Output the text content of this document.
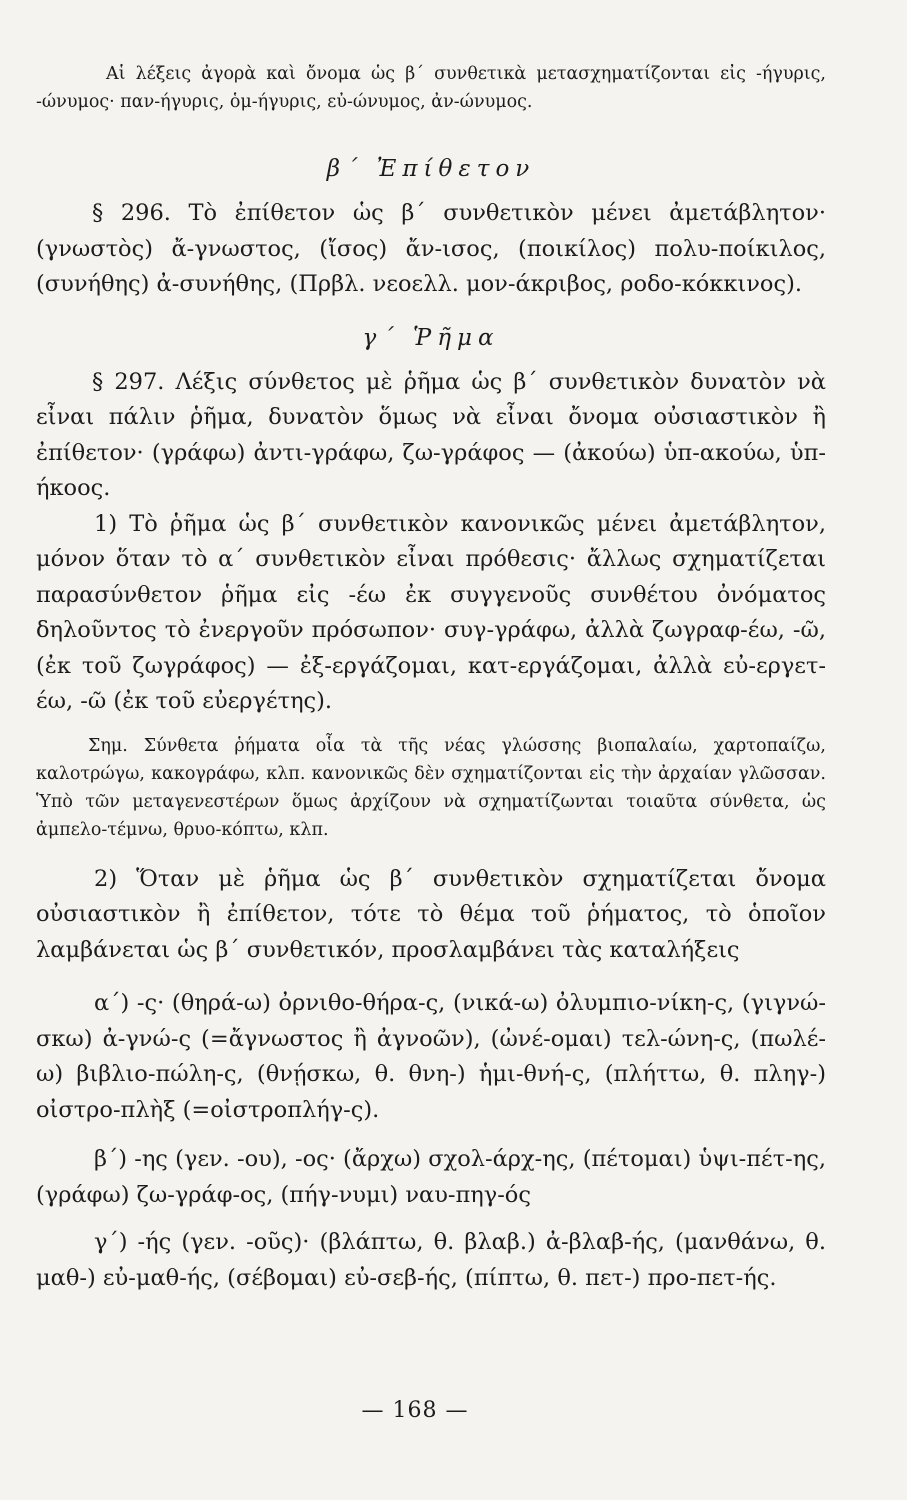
Αἱ λέξεις ἀγορὰ καὶ ὄνομα ὡς β΄ συνθετικὰ μετασχηματίζονται εἰς -ήγυρις, -ώνυμος· παν-ήγυρις, ὁμ-ήγυρις, εὐ-ώνυμος, ἀν-ώνυμος.

β΄ Ἐπίθετον

§ 296. Τὸ ἐπίθετον ὡς β΄ συνθετικὸν μένει ἀμετάβλητον· (γνωστὸς) ἄ-γνωστος, (ἴσος) ἄν-ισος, (ποικίλος) πολυ-ποίκιλος, (συνήθης) ἀ-συνήθης, (Πρβλ. νεοελλ. μον-άκριβος, ροδο-κόκκινος).

γ΄ Ῥῆμα

§ 297. Λέξις σύνθετος μὲ ῥῆμα ὡς β΄ συνθετικὸν δυνατὸν νὰ εἶναι πάλιν ῥῆμα, δυνατὸν ὅμως νὰ εἶναι ὄνομα οὐσιαστικὸν ἢ ἐπίθετον· (γράφω) ἀντι-γράφω, ζω-γράφος — (ἀκούω) ὑπ-ακούω, ὑπ-ήκοος.

1) Τὸ ῥῆμα ὡς β΄ συνθετικὸν κανονικῶς μένει ἀμετάβλητον, μόνον ὅταν τὸ α΄ συνθετικὸν εἶναι πρόθεσις· ἄλλως σχηματίζεται παρασύνθετον ῥῆμα εἰς -έω ἐκ συγγενοῦς συνθέτου ὀνόματος δηλοῦντος τὸ ἐνεργοῦν πρόσωπον· συγ-γράφω, ἀλλὰ ζωγραφ-έω, -ῶ, (ἐκ τοῦ ζωγράφος) — ἐξ-εργάζομαι, κατ-εργάζομαι, ἀλλὰ εὐ-εργετ-έω, -ῶ (ἐκ τοῦ εὐεργέτης).

Σημ. Σύνθετα ῥήματα οἷα τὰ τῆς νέας γλώσσης βιοπαλαίω, χαρτοπαίζω, καλοτρώγω, κακογράφω, κλπ. κανονικῶς δὲν σχηματίζονται εἰς τὴν ἀρχαίαν γλῶσσαν. Ὑπὸ τῶν μεταγενεστέρων ὅμως ἀρχίζουν νὰ σχηματίζωνται τοιαῦτα σύνθετα, ὡς ἀμπελο-τέμνω, θρυο-κόπτω, κλπ.

2) Ὅταν μὲ ῥῆμα ὡς β΄ συνθετικὸν σχηματίζεται ὄνομα οὐσιαστικὸν ἢ ἐπίθετον, τότε τὸ θέμα τοῦ ῥήματος, τὸ ὁποῖον λαμβάνεται ὡς β΄ συνθετικόν, προσλαμβάνει τὰς καταλήξεις

α΄) -ς· (θηρά-ω) ὀρνιθο-θήρα-ς, (νικά-ω) ὀλυμπιο-νίκη-ς, (γιγνώ-σκω) ἀ-γνώ-ς (=ἄγνωστος ἢ ἀγνοῶν), (ὠνέ-ομαι) τελ-ώνη-ς, (πωλέ-ω) βιβλιο-πώλη-ς, (θνῄσκω, θ. θνη-) ἡμι-θνή-ς, (πλήττω, θ. πληγ-) οἰστρο-πλὴξ (=οἰστροπλήγ-ς).

β΄) -ης (γεν. -ου), -ος· (ἄρχω) σχολ-άρχ-ης, (πέτομαι) ὑψι-πέτ-ης, (γράφω) ζω-γράφ-ος, (πήγ-νυμι) ναυ-πηγ-ός

γ΄) -ής (γεν. -οῦς)· (βλάπτω, θ. βλαβ.) ἀ-βλαβ-ής, (μανθάνω, θ. μαθ-) εὐ-μαθ-ής, (σέβομαι) εὐ-σεβ-ής, (πίπτω, θ. πετ-) προ-πετ-ής.

— 168 —
